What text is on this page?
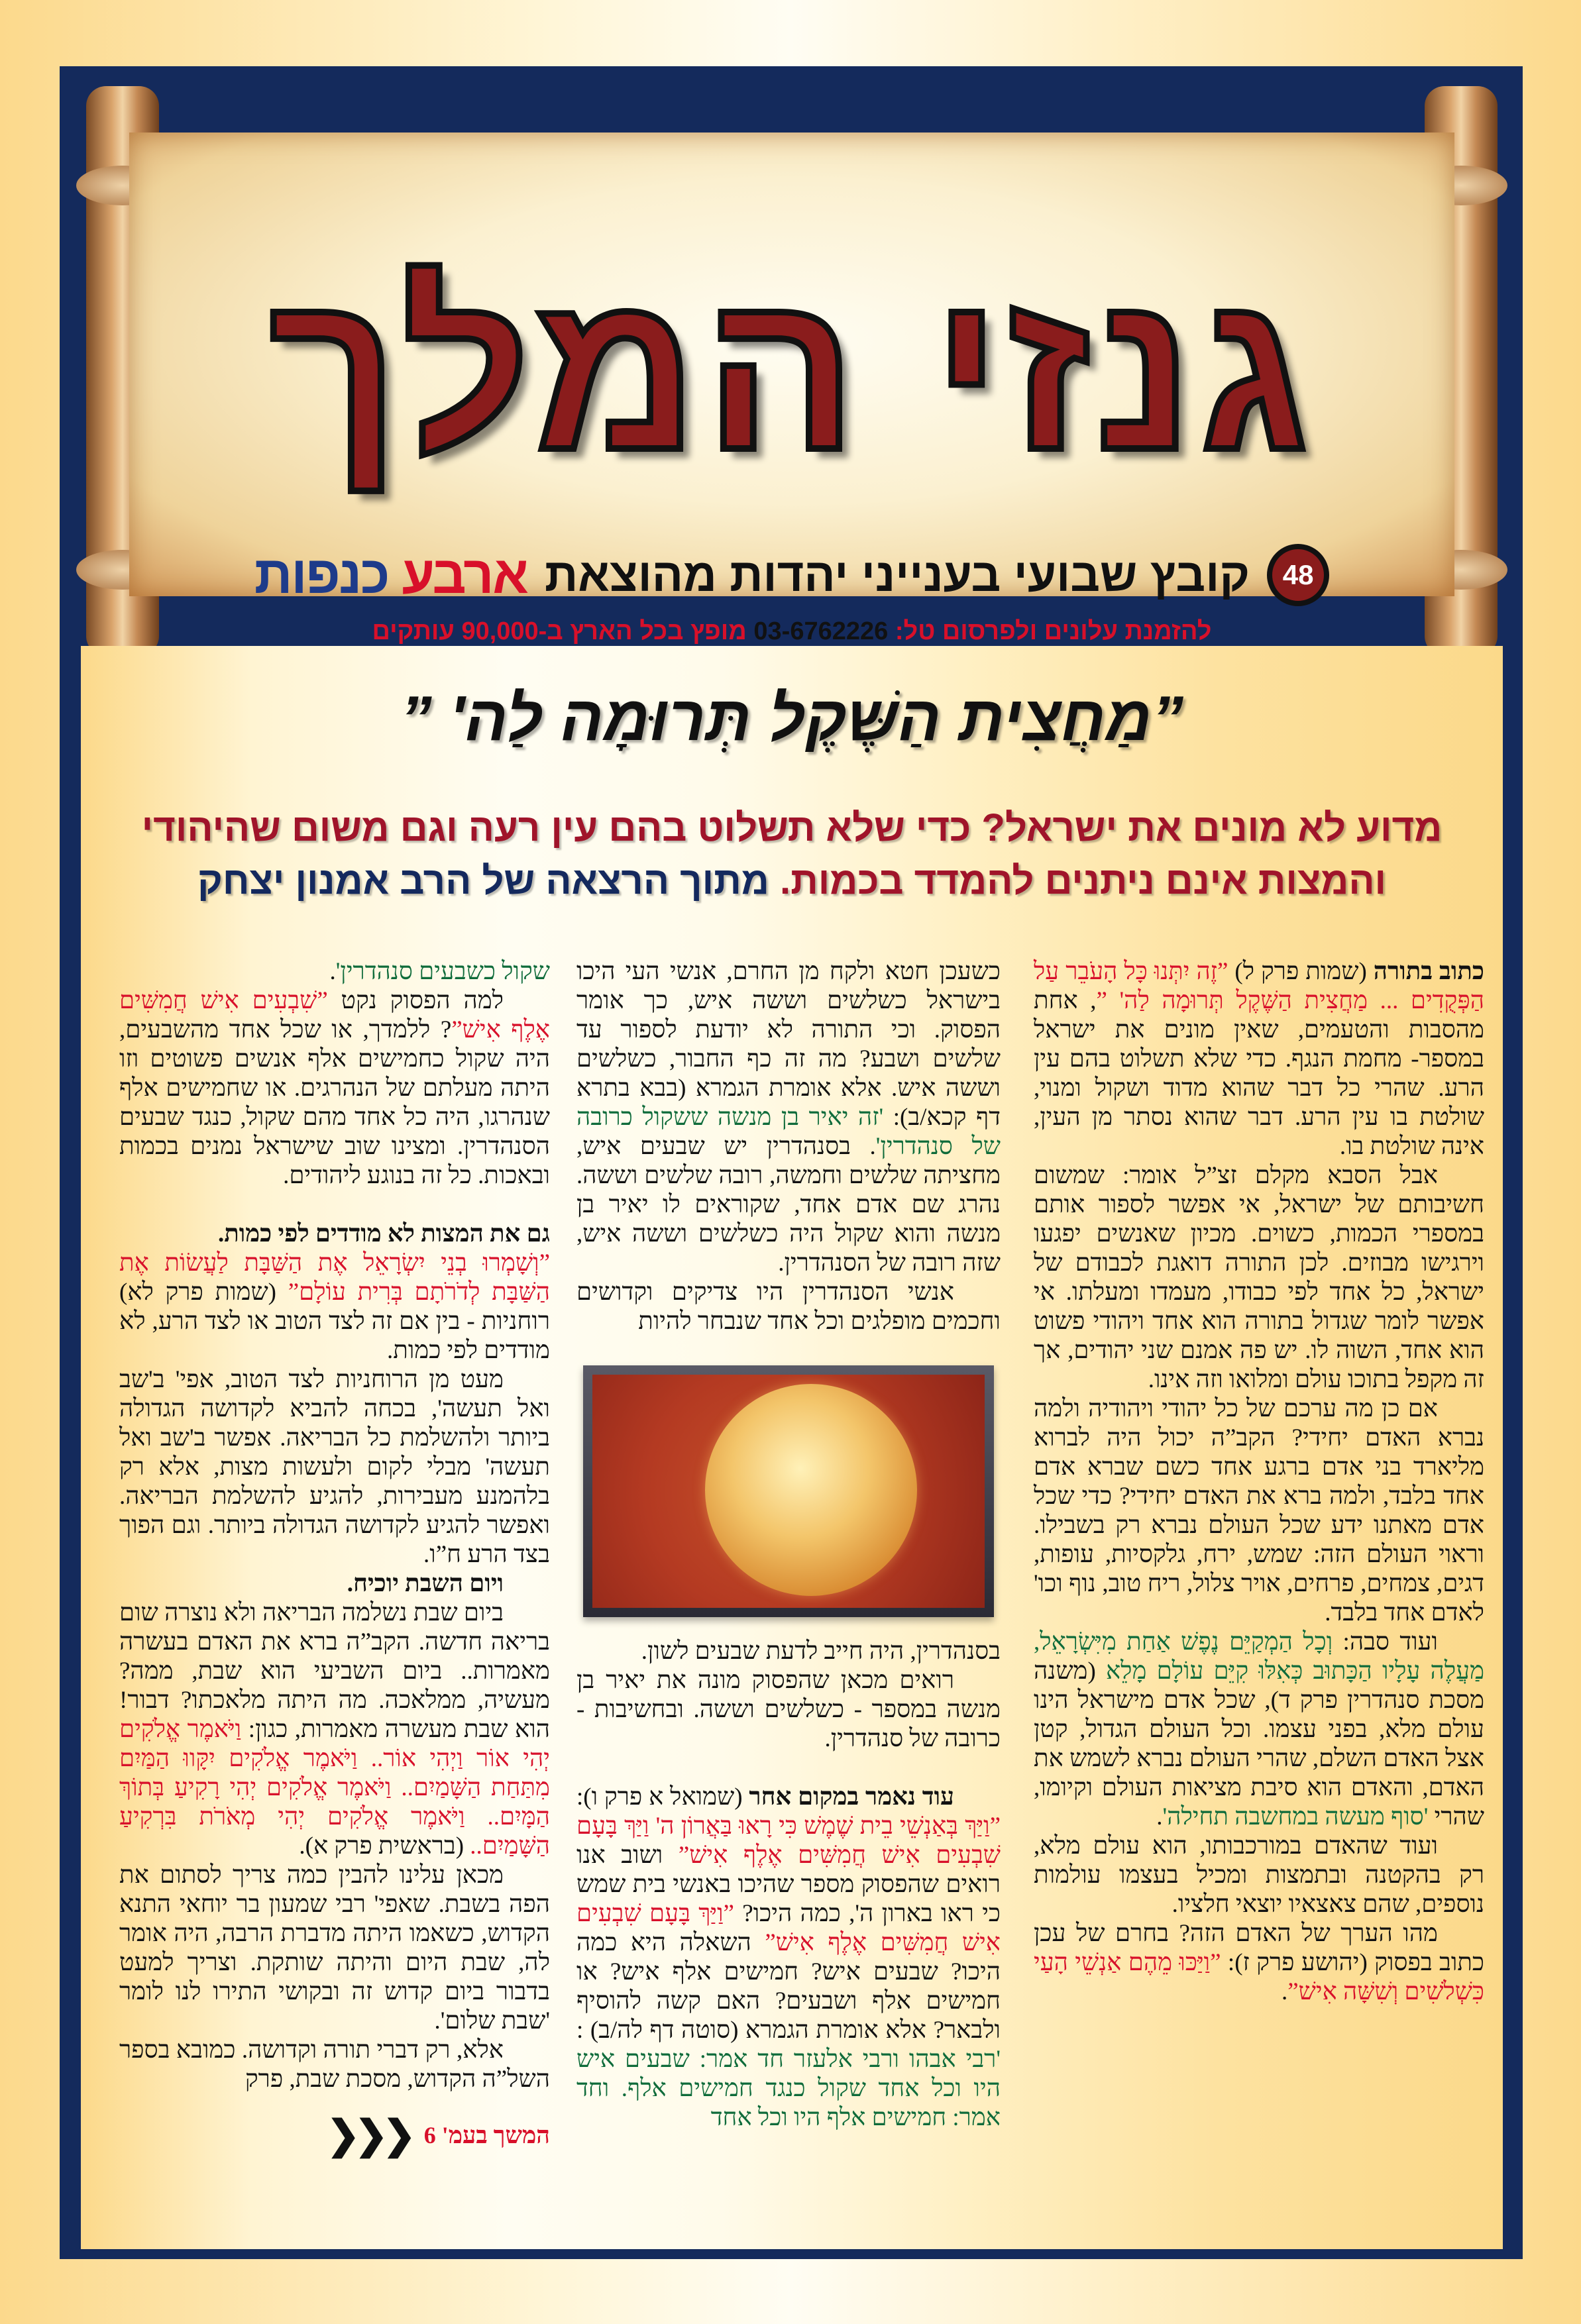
גנזי המלך
48
קובץ שבועי בענייני יהדות מהוצאת
ארבע כנפות
להזמנת עלונים ולפרסום טל: 03-6762226 מופץ בכל הארץ ב-90,000 עותקים
”מַחֲצִית הַשֶּׁקֶל תְּרוּמָה לַה' ”
מדוע לא מונים את ישראל? כדי שלא תשלוט בהם עין רעה וגם משום שהיהודי
והמצות אינם ניתנים להמדד בכמות. מתוך הרצאה של הרב אמנון יצחק

כתוב בתורה (שמות פרק ל) ”זֶה יִתְּנוּ כָּל הָעֹבֵר עַל הַפְּקֻדִים ... מַחֲצִית הַשֶּׁקֶל תְּרוּמָה לַה' ”, אחת מהסבות והטעמים, שאין מונים את ישראל במספר- מחמת הנגף. כדי שלא תשלוט בהם עין הרע. שהרי כל דבר שהוא מדוד ושקול ומנוי, שולטת בו עין הרע. דבר שהוא נסתר מן העין, אינה שולטת בו.

אבל הסבא מקלם זצ”ל אומר: שמשום חשיבותם של ישראל, אי אפשר לספור אותם במספרי הכמות, כשוים. מכיון שאנשים יפגעו וירגישו מבוזים. לכן התורה דואגת לכבודם של ישראל, כל אחד לפי כבודו, מעמדו ומעלתו. אי אפשר לומר שגדול בתורה הוא אחד ויהודי פשוט הוא אחד, השוה לו. יש פה אמנם שני יהודים, אך זה מקפל בתוכו עולם ומלואו וזה אינו.

אם כן מה ערכם של כל יהודי ויהודיה ולמה נברא האדם יחידי? הקב”ה יכול היה לברוא מליארד בני אדם ברגע אחד כשם שברא אדם אחד בלבד, ולמה ברא את האדם יחידי? כדי שכל אדם מאתנו ידע שכל העולם נברא רק בשבילו. וראוי העולם הזה: שמש, ירח, גלקסיות, עופות, דגים, צמחים, פרחים, אויר צלול, ריח טוב, נוף וכו' לאדם אחד בלבד.

ועוד סבה: וְכָל הַמְקַיֵּם נֶפֶשׁ אַחַת מִיִּשְׂרָאֵל, מַעֲלֶה עָלָיו הַכָּתוּב כְּאִלּוּ קִיֵּם עוֹלָם מָלֵא (משנה מסכת סנהדרין פרק ד), שכל אדם מישראל הינו עולם מלא, בפני עצמו. וכל העולם הגדול, קטן אצל האדם השלם, שהרי העולם נברא לשמש את האדם, והאדם הוא סיבת מציאות העולם וקיומו, שהרי 'סוף מעשה במחשבה תחילה'.

ועוד שהאדם במורכבותו, הוא עולם מלא, רק בהקטנה ובתמצות ומכיל בעצמו עולמות נוספים, שהם צאצאיו יוצאי חלציו.

מהו הערך של האדם הזה? בחרם של עכן כתוב בפסוק (יהושע פרק ז): ”וַיַּכּוּ מֵהֶם אַנְשֵׁי הָעַי כִּשְׁלֹשִׁים וְשִׁשָּׁה אִישׁ”.

כשעכן חטא ולקח מן החרם, אנשי העי היכו בישראל כשלשים וששה איש, כך אומר הפסוק. וכי התורה לא יודעת לספור עד שלשים ושבע? מה זה כף החבור, כשלשים וששה איש. אלא אומרת הגמרא (בבא בתרא דף קכא/ב): 'זה יאיר בן מנשה ששקול כרובה של סנהדרין'. בסנהדרין יש שבעים איש, מחציתה שלשים וחמשה, רובה שלשים וששה. נהרג שם אדם אחד, שקוראים לו יאיר בן מנשה והוא שקול היה כשלשים וששה איש, שזה רובה של הסנהדרין.

אנשי הסנהדרין היו צדיקים וקדושים וחכמים מופלגים וכל אחד שנבחר להיות

בסנהדרין, היה חייב לדעת שבעים לשון.

רואים מכאן שהפסוק מונה את יאיר בן מנשה במספר - כשלשים וששה. ובחשיבות - כרובה של סנהדרין.

עוד נאמר במקום אחר (שמואל א פרק ו): ”וַיַּךְ בְּאַנְשֵׁי בֵית שֶׁמֶשׁ כִּי רָאוּ בַּאֲרוֹן ה' וַיַּךְ בָּעָם שִׁבְעִים אִישׁ חֲמִשִּׁים אֶלֶף אִישׁ” ושוב אנו רואים שהפסוק מספר שהיכו באנשי בית שמש כי ראו בארון ה', כמה היכו? ”וַיַּךְ בָּעָם שִׁבְעִים אִישׁ חֲמִשִּׁים אֶלֶף אִישׁ” השאלה היא כמה היכו? שבעים איש? חמישים אלף איש? או חמישים אלף ושבעים? האם קשה להוסיף ולבאר? אלא אומרת הגמרא (סוטה דף לה/ב) : 'רבי אבהו ורבי אלעזר חד אמר: שבעים איש היו וכל אחד שקול כנגד חמישים אלף. וחד אמר: חמישים אלף היו וכל אחד

שקול כשבעים סנהדרין'.

למה הפסוק נקט ”שִׁבְעִים אִישׁ חֲמִשִּׁים אֶלֶף אִישׁ”? ללמדך, או שכל אחד מהשבעים, היה שקול כחמישים אלף אנשים פשוטים וזו היתה מעלתם של הנהרגים. או שחמישים אלף שנהרגו, היה כל אחד מהם שקול, כנגד שבעים הסנהדרין. ומצינו שוב שישראל נמנים בכמות ובאכות. כל זה בנוגע ליהודים.

גם את המצות לא מודדים לפי כמות.

”וְשָׁמְרוּ בְנֵי יִשְׂרָאֵל אֶת הַשַּׁבָּת לַעֲשׂוֹת אֶת הַשַּׁבָּת לְדֹרֹתָם בְּרִית עוֹלָם” (שמות פרק לא) רוחניות - בין אם זה לצד הטוב או לצד הרע, לא מודדים לפי כמות.

מעט מן הרוחניות לצד הטוב, אפי' ב'שב ואל תעשה', בכחה להביא לקדושה הגדולה ביותר ולהשלמת כל הבריאה. אפשר ב'שב ואל תעשה' מבלי לקום ולעשות מצות, אלא רק בלהמנע מעבירות, להגיע להשלמת הבריאה. ואפשר להגיע לקדושה הגדולה ביותר. וגם הפוך בצד הרע ח”ו.

ויום השבת יוכיח.

ביום שבת נשלמה הבריאה ולא נוצרה שום בריאה חדשה. הקב”ה ברא את האדם בעשרה מאמרות.. ביום השביעי הוא שבת, ממה? מעשיה, ממלאכה. מה היתה מלאכתו? דבור! הוא שבת מעשרה מאמרות, כגון: וַיֹּאמֶר אֱלֹקִים יְהִי אוֹר וַיְהִי אוֹר.. וַיֹּאמֶר אֱלֹקִים יִקָּווּ הַמַּיִם מִתַּחַת הַשָּׁמַיִם.. וַיֹּאמֶר אֱלֹקִים יְהִי רָקִיעַ בְּתוֹךְ הַמָּיִם.. וַיֹּאמֶר אֱלֹקִים יְהִי מְאֹרֹת בִּרְקִיעַ הַשָּׁמַיִם.. (בראשית פרק א).

מכאן עלינו להבין כמה צריך לסתום את הפה בשבת. שאפי' רבי שמעון בר יוחאי התנא הקדוש, כשאמו היתה מדברת הרבה, היה אומר לה, שבת היום והיתה שותקת. וצריך למעט בדבור ביום קדוש זה ובקושי התירו לנו לומר 'שבת שלום'.

אלא, רק דברי תורה וקדושה. כמובא בספר השל”ה הקדוש, מסכת שבת, פרק

המשך בעמ' 6
❮❮❮
